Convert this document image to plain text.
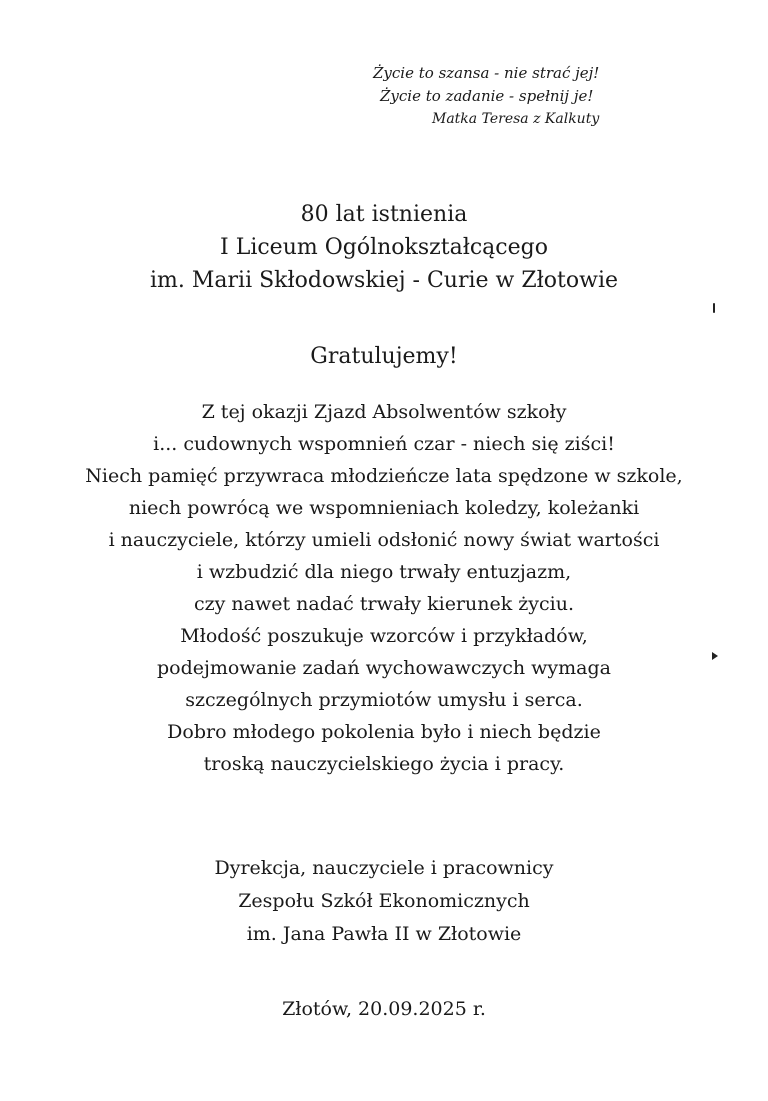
Życie to szansa - nie strać jej!
Życie to zadanie - spełnij je!
Matka Teresa z Kalkuty
80 lat istnienia
I Liceum Ogólnokształcącego
im. Marii Skłodowskiej - Curie w Złotowie
Gratulujemy!
Z tej okazji Zjazd Absolwentów szkoły
i... cudownych wspomnień czar - niech się ziści!
Niech pamięć przywraca młodzieńcze lata spędzone w szkole,
niech powrócą we wspomnieniach koledzy, koleżanki
i nauczyciele, którzy umieli odsłonić nowy świat wartości
i wzbudzić dla niego trwały entuzjazm,
czy nawet nadać trwały kierunek życiu.
Młodość poszukuje wzorców i przykładów,
podejmowanie zadań wychowawczych wymaga
szczególnych przymiotów umysłu i serca.
Dobro młodego pokolenia było i niech będzie
troską nauczycielskiego życia i pracy.
Dyrekcja, nauczyciele i pracownicy
Zespołu Szkół Ekonomicznych
im. Jana Pawła II w Złotowie
Złotów, 20.09.2025 r.
